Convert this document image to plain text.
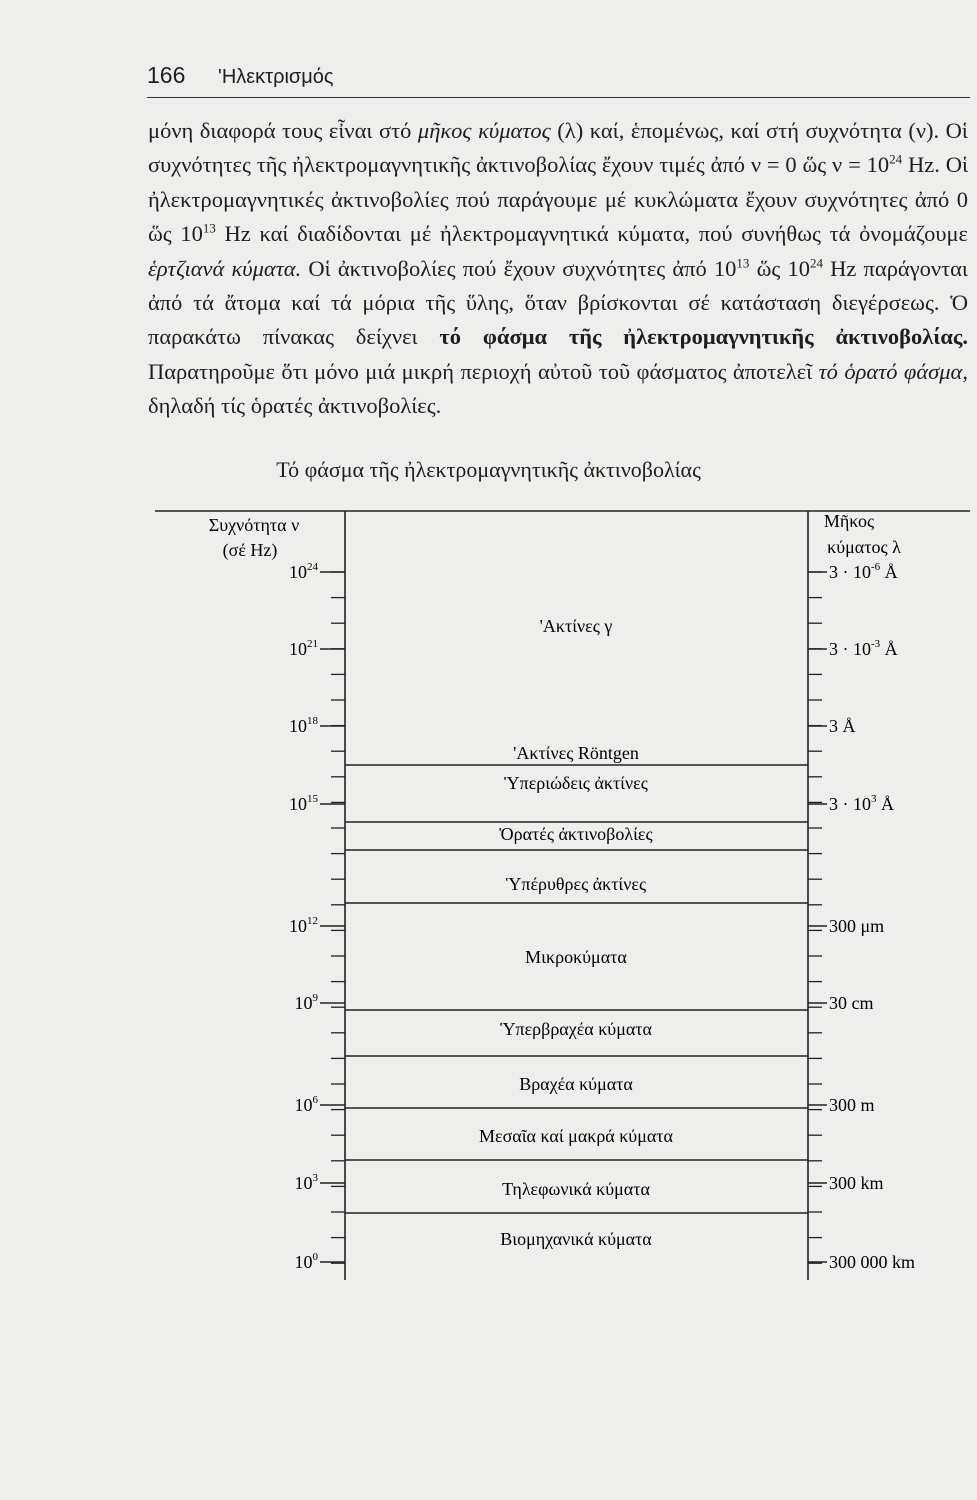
166 'Ηλεκτρισμός
μόνη διαφορά τους εἶναι στό μῆκος κύματος (λ) καί, ἑπομένως, καί στή συχνότητα (ν). Οἱ συχνότητες τῆς ἠλεκτρομαγνητικῆς ἀκτινοβολίας ἔχουν τιμές ἀπό ν = 0 ὥς $\nu = 10^{24}$ Hz. Οἱ ἠλεκτρομαγνητικές ἀκτινοβολίες πού παράγουμε μέ κυκλώματα ἔχουν συχνότητες ἀπό 0 ὥς $10^{13}$ Hz καί διαδίδονται μέ ἠλεκτρομαγνητικά κύματα, πού συνήθως τά ὀνομάζουμε ἑρτζιανά κύματα. Οἱ ἀκτινοβολίες πού ἔχουν συχνότητες ἀπό $10^{13}$ ὥς $10^{24}$ Hz παράγονται ἀπό τά ἄτομα καί τά μόρια τῆς ὕλης, ὅταν βρίσκονται σέ κατάσταση διεγέρσεως. Ὁ παρακάτω πίνακας δείχνει τό φάσμα τῆς ἠλεκτρομαγνητικῆς ἀκτινοβολίας. Παρατηροῦμε ὅτι μόνο μιά μικρή περιοχή αὐτοῦ τοῦ φάσματος ἀποτελεῖ τό ὁρατό φάσμα, δηλαδή τίς ὁρατές ἀκτινοβολίες.
Τό φάσμα τῆς ἠλεκτρομαγνητικῆς ἀκτινοβολίας
Συχνότητα ν
(σέ Hz)
Μῆκος
κύματος λ
$10^{24}$
$10^{21}$
$10^{18}$
$10^{15}$
$10^{12}$
$10^9$
$10^6$
$10^3$
$10^0$
$3 \cdot 10^{-6}$ Å
$3 \cdot 10^{-3}$ Å
3 Å
$3 \cdot 10^3$ Å
300 μm
30 cm
300 m
300 km
300 000 km
'Ακτίνες γ
'Ακτίνες Röntgen
Ὑπεριώδεις ἀκτίνες
Ὁρατές ἀκτινοβολίες
Ὑπέρυθρες ἀκτίνες
Μικροκύματα
Ὑπερβραχέα κύματα
Βραχέα κύματα
Μεσαῖα καί μακρά κύματα
Τηλεφωνικά κύματα
Βιομηχανικά κύματα
